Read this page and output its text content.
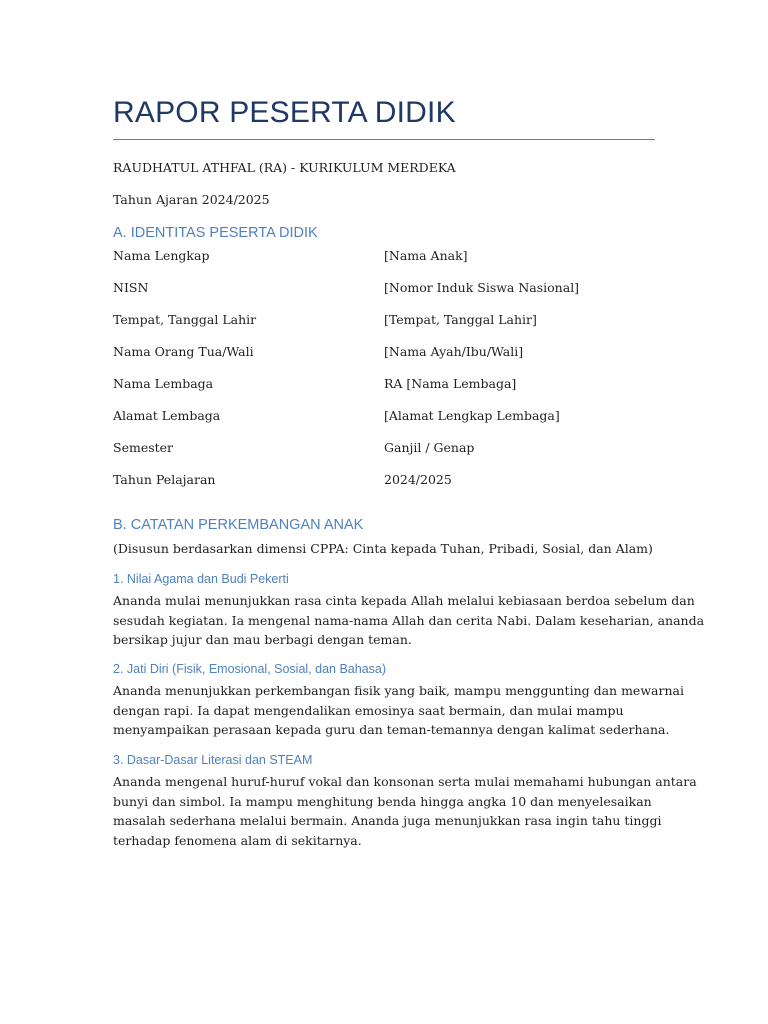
RAPOR PESERTA DIDIK
RAUDHATUL ATHFAL (RA) - KURIKULUM MERDEKA
Tahun Ajaran 2024/2025
A. IDENTITAS PESERTA DIDIK
Nama Lengkap	[Nama Anak]
NISN	[Nomor Induk Siswa Nasional]
Tempat, Tanggal Lahir	[Tempat, Tanggal Lahir]
Nama Orang Tua/Wali	[Nama Ayah/Ibu/Wali]
Nama Lembaga	RA [Nama Lembaga]
Alamat Lembaga	[Alamat Lengkap Lembaga]
Semester	Ganjil / Genap
Tahun Pelajaran	2024/2025
B. CATATAN PERKEMBANGAN ANAK
(Disusun berdasarkan dimensi CPPA: Cinta kepada Tuhan, Pribadi, Sosial, dan Alam)
1. Nilai Agama dan Budi Pekerti
Ananda mulai menunjukkan rasa cinta kepada Allah melalui kebiasaan berdoa sebelum dan
sesudah kegiatan. Ia mengenal nama-nama Allah dan cerita Nabi. Dalam keseharian, ananda
bersikap jujur dan mau berbagi dengan teman.
2. Jati Diri (Fisik, Emosional, Sosial, dan Bahasa)
Ananda menunjukkan perkembangan fisik yang baik, mampu menggunting dan mewarnai
dengan rapi. Ia dapat mengendalikan emosinya saat bermain, dan mulai mampu
menyampaikan perasaan kepada guru dan teman-temannya dengan kalimat sederhana.
3. Dasar-Dasar Literasi dan STEAM
Ananda mengenal huruf-huruf vokal dan konsonan serta mulai memahami hubungan antara
bunyi dan simbol. Ia mampu menghitung benda hingga angka 10 dan menyelesaikan
masalah sederhana melalui bermain. Ananda juga menunjukkan rasa ingin tahu tinggi
terhadap fenomena alam di sekitarnya.
